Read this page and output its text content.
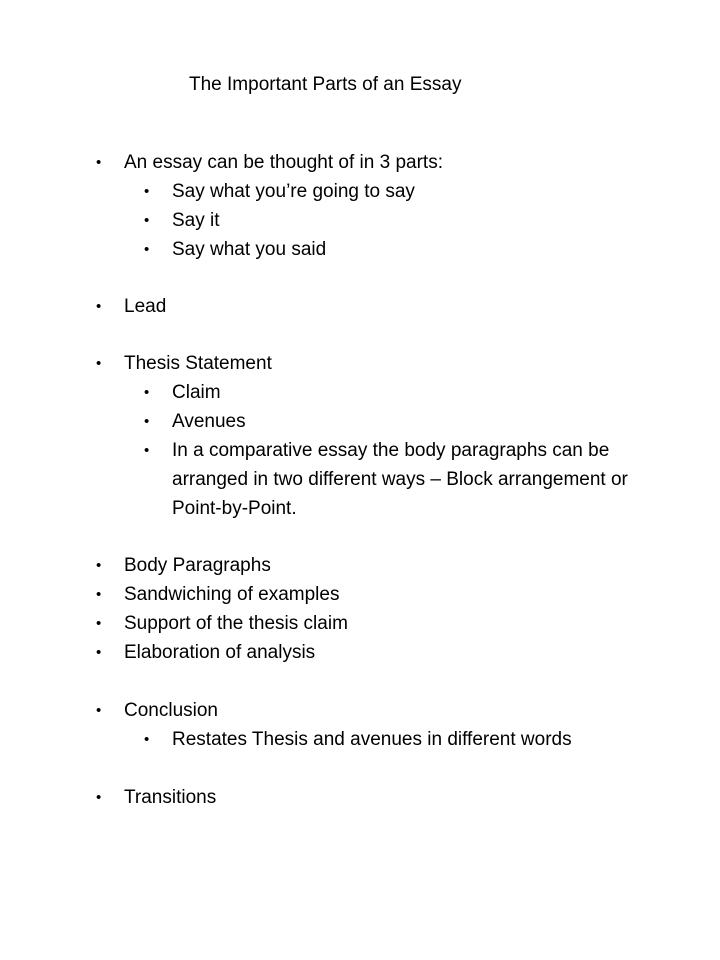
The Important Parts of an Essay
• An essay can be thought of in 3 parts:
• Say what you’re going to say
• Say it
• Say what you said
• Lead
• Thesis Statement
• Claim
• Avenues
• In a comparative essay the body paragraphs can be arranged in two different ways – Block arrangement or Point-by-Point.
• Body Paragraphs
• Sandwiching of examples
• Support of the thesis claim
• Elaboration of analysis
• Conclusion
• Restates Thesis and avenues in different words
• Transitions
